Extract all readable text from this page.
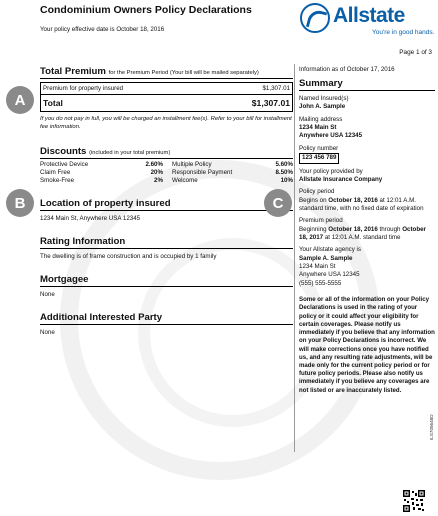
Condominium Owners Policy Declarations
Your policy effective date is October 18, 2016
Allstate
You're in good hands.
Page 1 of 3
Total Premium for the Premium Period (Your bill will be mailed separately)
Premium for property insured	$1,307.01
Total	$1,307.01
If you do not pay in full, you will be charged an installment fee(s). Refer to your bill for installment fee information.
Discounts (included in your total premium)
Protective Device	2.60%	Multiple Policy	5.60%
Claim Free	20%	Responsible Payment	8.50%
Smoke-Free	2%	Welcome	10%
Location of property insured
1234 Main St, Anywhere USA 12345
Rating Information
The dwelling is of frame construction and is occupied by 1 family
Mortgagee
None
Additional Interested Party
None
Information as of October 17, 2016
Summary
Named Insured(s)
John A. Sample
Mailing address
1234 Main St
Anywhere USA 12345
Policy number
123 456 789
Your policy provided by
Allstate Insurance Company
Policy period
Begins on October 18, 2016 at 12:01 A.M. standard time, with no fixed date of expiration
Premium period
Beginning October 18, 2016 through October 18, 2017 at 12:01 A.M. standard time
Your Allstate agency is
Sample A. Sample
1234 Main St
Anywhere USA 12345
(555) 555-5555
Some or all of the information on your Policy Declarations is used in the rating of your policy or it could affect your eligibility for certain coverages. Please notify us immediately if you believe that any information on your Policy Declarations is incorrect. We will make corrections once you have notified us, and any resulting rate adjustments, will be made only for the current policy period or for future policy periods. Please also notify us immediately if you believe any coverages are not listed or are inaccurately listed.
A
B	C
ILS705648D
